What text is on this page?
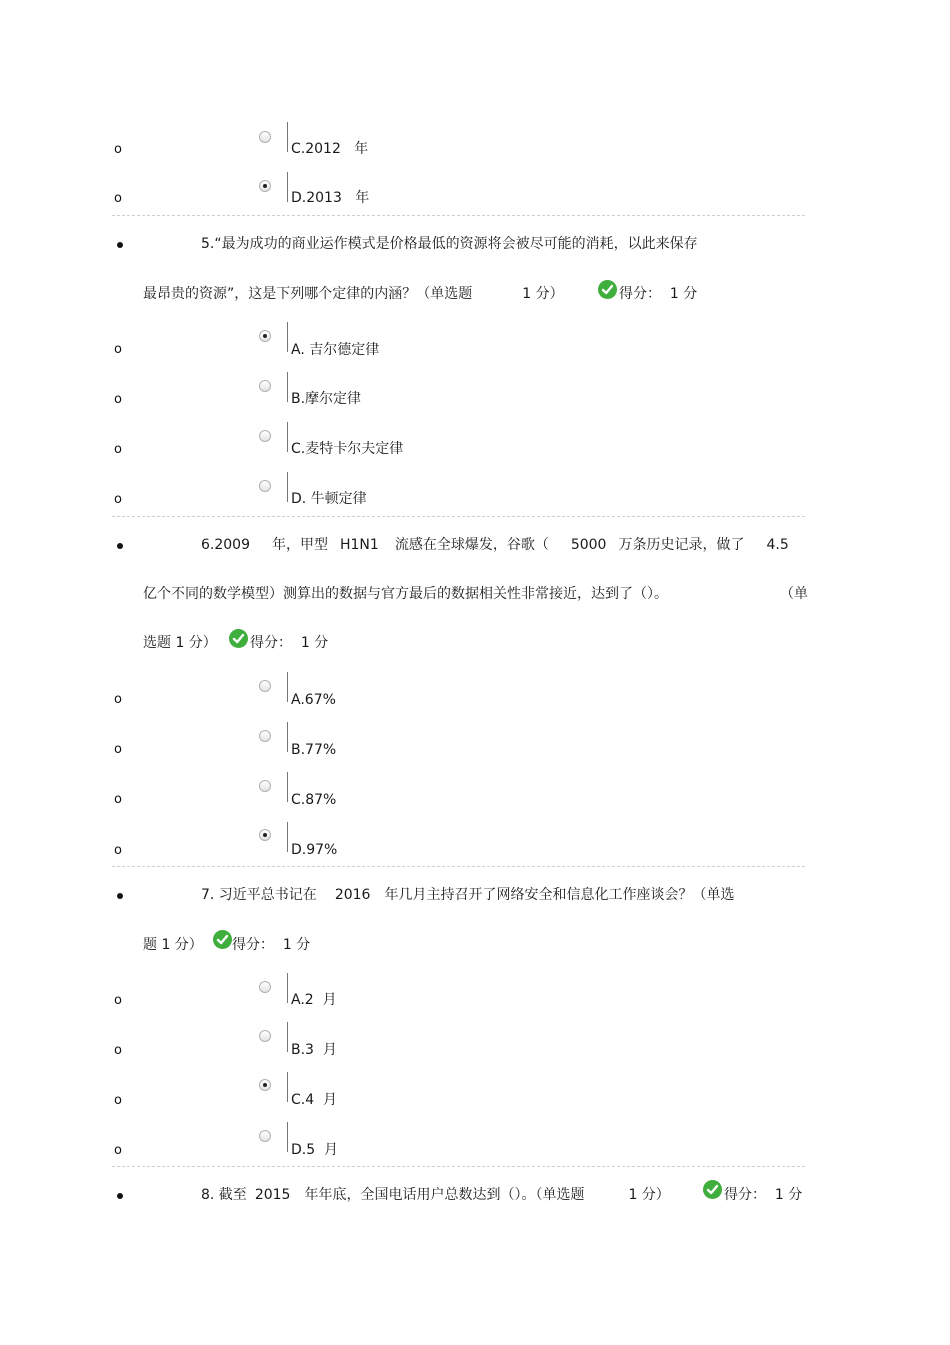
o	C.2012 年
o	D.2013 年
5.“最为成功的商业运作模式是价格最低的资源将会被尽可能的消耗，以此来保存
最昂贵的资源”，这是下列哪个定律的内涵？（单选题	1 分）	得分： 1 分
o	A. 吉尔德定律
o	B.摩尔定律
o	C.麦特卡尔夫定律
o	D. 牛顿定律
6.2009 年，甲型 H1N1 流感在全球爆发，谷歌（ 5000 万条历史记录，做了 4.5
亿个不同的数学模型）测算出的数据与官方最后的数据相关性非常接近，达到了（）。	（单
选题 1 分） 得分： 1 分
o	A.67%
o	B.77%
o	C.87%
o	D.97%
7. 习近平总书记在 2016 年几月主持召开了网络安全和信息化工作座谈会？（单选
题 1 分） 得分： 1 分
o	A.2 月
o	B.3 月
o	C.4 月
o	D.5 月
8. 截至 2015 年年底，全国电话用户总数达到（）。（单选题	1 分）	得分： 1 分
